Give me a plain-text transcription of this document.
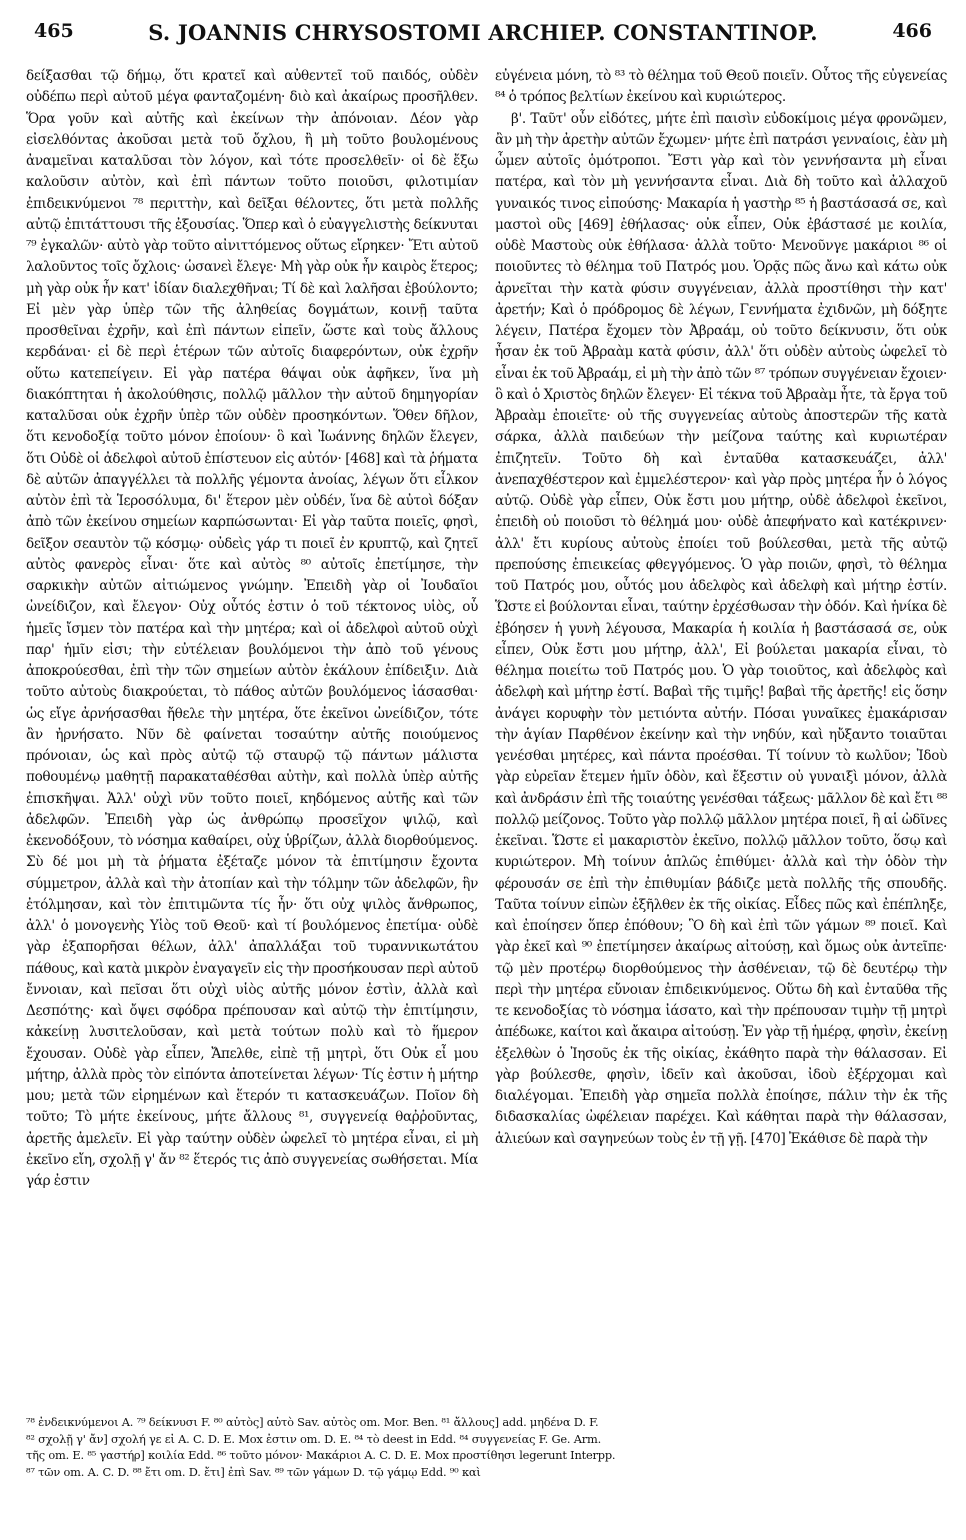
465	S. JOANNIS CHRYSOSTOMI ARCHIEP. CONSTANTINOP.	466

δείξασθαι τῷ δήμῳ, ὅτι κρατεῖ καὶ αὐθεντεῖ τοῦ παιδός, οὐδὲν οὐδέπω περὶ αὐτοῦ μέγα φανταζομένη· διὸ καὶ ἀκαίρως προσῆλθεν. Ὅρα γοῦν καὶ αὐτῆς καὶ ἐκείνων τὴν ἀπόνοιαν. Δέον γὰρ εἰσελθόντας ἀκοῦσαι μετὰ τοῦ ὄχλου, ἢ μὴ τοῦτο βουλομένους ἀναμεῖναι καταλῦσαι τὸν λόγον, καὶ τότε προσελθεῖν· οἱ δὲ ἔξω καλοῦσιν αὐτὸν, καὶ ἐπὶ πάντων τοῦτο ποιοῦσι, φιλοτιμίαν ἐπιδεικνύμενοι ⁷⁸ περιττὴν, καὶ δεῖξαι θέλοντες, ὅτι μετὰ πολλῆς αὐτῷ ἐπιτάττουσι τῆς ἐξουσίας. Ὅπερ καὶ ὁ εὐαγγελιστὴς δείκνυται ⁷⁹ ἐγκαλῶν· αὐτὸ γὰρ τοῦτο αἰνιττόμενος οὕτως εἴρηκεν· Ἔτι αὐτοῦ λαλοῦντος τοῖς ὄχλοις· ὡσανεὶ ἔλεγε· Μὴ γὰρ οὐκ ἦν καιρὸς ἕτερος; μὴ γὰρ οὐκ ἦν κατ' ἰδίαν διαλεχθῆναι; Τί δὲ καὶ λαλῆσαι ἐβούλοντο; Εἰ μὲν γὰρ ὑπὲρ τῶν τῆς ἀληθείας δογμάτων, κοινῇ ταῦτα προσθεῖναι ἐχρῆν, καὶ ἐπὶ πάντων εἰπεῖν, ὥστε καὶ τοὺς ἄλλους κερδάναι· εἰ δὲ περὶ ἑτέρων τῶν αὐτοῖς διαφερόντων, οὐκ ἐχρῆν οὕτω κατεπείγειν. Εἰ γὰρ πατέρα θάψαι οὐκ ἀφῆκεν, ἵνα μὴ διακόπτηται ἡ ἀκολούθησις, πολλῷ μᾶλλον τὴν αὐτοῦ δημηγορίαν καταλῦσαι οὐκ ἐχρῆν ὑπὲρ τῶν οὐδὲν προσηκόντων. Ὅθεν δῆλον, ὅτι κενοδοξίᾳ τοῦτο μόνον ἐποίουν· ὃ καὶ Ἰωάννης δηλῶν ἔλεγεν, ὅτι Οὐδὲ οἱ ἀδελφοὶ αὐτοῦ ἐπίστευον εἰς αὐτόν· [468] καὶ τὰ ῥήματα δὲ αὐτῶν ἀπαγγέλλει τὰ πολλῆς γέμοντα ἀνοίας, λέγων ὅτι εἷλκον αὐτὸν ἐπὶ τὰ Ἱεροσόλυμα, δι' ἕτερον μὲν οὐδέν, ἵνα δὲ αὐτοὶ δόξαν ἀπὸ τῶν ἐκείνου σημείων καρπώσωνται· Εἰ γὰρ ταῦτα ποιεῖς, φησὶ, δεῖξον σεαυτὸν τῷ κόσμῳ· οὐδεὶς γάρ τι ποιεῖ ἐν κρυπτῷ, καὶ ζητεῖ αὐτὸς φανερὸς εἶναι· ὅτε καὶ αὐτὸς ⁸⁰ αὐτοῖς ἐπετίμησε, τὴν σαρκικὴν αὐτῶν αἰτιώμενος γνώμην. Ἐπειδὴ γὰρ οἱ Ἰουδαῖοι ὠνείδιζον, καὶ ἔλεγον· Οὐχ οὗτός ἐστιν ὁ τοῦ τέκτονος υἱὸς, οὗ ἡμεῖς ἴσμεν τὸν πατέρα καὶ τὴν μητέρα; καὶ οἱ ἀδελφοὶ αὐτοῦ οὐχὶ παρ' ἡμῖν εἰσι; τὴν εὐτέλειαν βουλόμενοι τὴν ἀπὸ τοῦ γένους ἀποκρούεσθαι, ἐπὶ τὴν τῶν σημείων αὐτὸν ἐκάλουν ἐπίδειξιν. Διὰ τοῦτο αὐτοὺς διακρούεται, τὸ πάθος αὐτῶν βουλόμενος ἰάσασθαι· ὡς εἴγε ἀρνήσασθαι ἤθελε τὴν μητέρα, ὅτε ἐκεῖνοι ὠνείδιζον, τότε ἂν ἠρνήσατο. Νῦν δὲ φαίνεται τοσαύτην αὐτῆς ποιούμενος πρόνοιαν, ὡς καὶ πρὸς αὐτῷ τῷ σταυρῷ τῷ πάντων μάλιστα ποθουμένῳ μαθητῇ παρακαταθέσθαι αὐτὴν, καὶ πολλὰ ὑπὲρ αὐτῆς ἐπισκῆψαι. Ἀλλ' οὐχὶ νῦν τοῦτο ποιεῖ, κηδόμενος αὐτῆς καὶ τῶν ἀδελφῶν. Ἐπειδὴ γὰρ ὡς ἀνθρώπῳ προσεῖχον ψιλῷ, καὶ ἐκενοδόξουν, τὸ νόσημα καθαίρει, οὐχ ὑβρίζων, ἀλλὰ διορθούμενος. Σὺ δέ μοι μὴ τὰ ῥήματα ἐξέταζε μόνον τὰ ἐπιτίμησιν ἔχοντα σύμμετρον, ἀλλὰ καὶ τὴν ἀτοπίαν καὶ τὴν τόλμην τῶν ἀδελφῶν, ἣν ἐτόλμησαν, καὶ τὸν ἐπιτιμῶντα τίς ἦν· ὅτι οὐχ ψιλὸς ἄνθρωπος, ἀλλ' ὁ μονογενὴς Υἱὸς τοῦ Θεοῦ· καὶ τί βουλόμενος ἐπετίμα· οὐδὲ γὰρ ἐξαπορῆσαι θέλων, ἀλλ' ἀπαλλάξαι τοῦ τυραννικωτάτου πάθους, καὶ κατὰ μικρὸν ἐναγαγεῖν εἰς τὴν προσήκουσαν περὶ αὐτοῦ ἔννοιαν, καὶ πεῖσαι ὅτι οὐχὶ υἱὸς αὐτῆς μόνον ἐστὶν, ἀλλὰ καὶ Δεσπότης· καὶ ὄψει σφόδρα πρέπουσαν καὶ αὐτῷ τὴν ἐπιτίμησιν, κἀκείνῃ λυσιτελοῦσαν, καὶ μετὰ τούτων πολὺ καὶ τὸ ἥμερον ἔχουσαν. Οὐδὲ γὰρ εἶπεν, Ἄπελθε, εἰπὲ τῇ μητρὶ, ὅτι Οὐκ εἶ μου μήτηρ, ἀλλὰ πρὸς τὸν εἰπόντα ἀποτείνεται λέγων· Τίς ἐστιν ἡ μήτηρ μου; μετὰ τῶν εἰρημένων καὶ ἕτερόν τι κατασκευάζων. Ποῖον δὴ τοῦτο; Τὸ μήτε ἐκείνους, μήτε ἄλλους ⁸¹, συγγενείᾳ θαῤῥοῦντας, ἀρετῆς ἀμελεῖν. Εἰ γὰρ ταύτην οὐδὲν ὠφελεῖ τὸ μητέρα εἶναι, εἰ μὴ ἐκεῖνο εἴη, σχολῇ γ' ἄν ⁸² ἕτερός τις ἀπὸ συγγενείας σωθήσεται. Μία γάρ ἐστιν

εὐγένεια μόνη, τὸ ⁸³ τὸ θέλημα τοῦ Θεοῦ ποιεῖν. Οὗτος τῆς εὐγενείας ⁸⁴ ὁ τρόπος βελτίων ἐκείνου καὶ κυριώτερος.

β'. Ταῦτ' οὖν εἰδότες, μήτε ἐπὶ παισὶν εὐδοκίμοις μέγα φρονῶμεν, ἂν μὴ τὴν ἀρετὴν αὐτῶν ἔχωμεν· μήτε ἐπὶ πατράσι γενναίοις, ἐὰν μὴ ὦμεν αὐτοῖς ὁμότροποι. Ἔστι γὰρ καὶ τὸν γεννήσαντα μὴ εἶναι πατέρα, καὶ τὸν μὴ γεννήσαντα εἶναι. Διὰ δὴ τοῦτο καὶ ἀλλαχοῦ γυναικός τινος εἰπούσης· Μακαρία ἡ γαστὴρ ⁸⁵ ἡ βαστάσασά σε, καὶ μαστοὶ οὓς [469] ἐθήλασας· οὐκ εἶπεν, Οὐκ ἐβάστασέ με κοιλία, οὐδὲ Μαστοὺς οὐκ ἐθήλασα· ἀλλὰ τοῦτο· Μενοῦνγε μακάριοι ⁸⁶ οἱ ποιοῦντες τὸ θέλημα τοῦ Πατρός μου. Ὁρᾷς πῶς ἄνω καὶ κάτω οὐκ ἀρνεῖται τὴν κατὰ φύσιν συγγένειαν, ἀλλὰ προστίθησι τὴν κατ' ἀρετήν; Καὶ ὁ πρόδρομος δὲ λέγων, Γεννήματα ἐχιδνῶν, μὴ δόξητε λέγειν, Πατέρα ἔχομεν τὸν Ἀβραάμ, οὐ τοῦτο δείκνυσιν, ὅτι οὐκ ἦσαν ἐκ τοῦ Ἀβραὰμ κατὰ φύσιν, ἀλλ' ὅτι οὐδὲν αὐτοὺς ὠφελεῖ τὸ εἶναι ἐκ τοῦ Ἀβραάμ, εἰ μὴ τὴν ἀπὸ τῶν ⁸⁷ τρόπων συγγένειαν ἔχοιεν· ὃ καὶ ὁ Χριστὸς δηλῶν ἔλεγεν· Εἰ τέκνα τοῦ Ἀβραὰμ ἦτε, τὰ ἔργα τοῦ Ἀβραὰμ ἐποιεῖτε· οὐ τῆς συγγενείας αὐτοὺς ἀποστερῶν τῆς κατὰ σάρκα, ἀλλὰ παιδεύων τὴν μείζονα ταύτης καὶ κυριωτέραν ἐπιζητεῖν. Τοῦτο δὴ καὶ ἐνταῦθα κατασκευάζει, ἀλλ' ἀνεπαχθέστερον καὶ ἐμμελέστερον· καὶ γὰρ πρὸς μητέρα ἦν ὁ λόγος αὐτῷ. Οὐδὲ γὰρ εἶπεν, Οὐκ ἔστι μου μήτηρ, οὐδὲ ἀδελφοὶ ἐκεῖνοι, ἐπειδὴ οὐ ποιοῦσι τὸ θέλημά μου· οὐδὲ ἀπεφήνατο καὶ κατέκρινεν· ἀλλ' ἔτι κυρίους αὐτοὺς ἐποίει τοῦ βούλεσθαι, μετὰ τῆς αὐτῷ πρεπούσης ἐπιεικείας φθεγγόμενος. Ὁ γὰρ ποιῶν, φησὶ, τὸ θέλημα τοῦ Πατρός μου, οὗτός μου ἀδελφὸς καὶ ἀδελφὴ καὶ μήτηρ ἐστίν. Ὥστε εἰ βούλονται εἶναι, ταύτην ἐρχέσθωσαν τὴν ὁδόν. Καὶ ἡνίκα δὲ ἐβόησεν ἡ γυνὴ λέγουσα, Μακαρία ἡ κοιλία ἡ βαστάσασά σε, οὐκ εἶπεν, Οὐκ ἔστι μου μήτηρ, ἀλλ', Εἰ βούλεται μακαρία εἶναι, τὸ θέλημα ποιείτω τοῦ Πατρός μου. Ὁ γὰρ τοιοῦτος, καὶ ἀδελφὸς καὶ ἀδελφὴ καὶ μήτηρ ἐστί. Βαβαὶ τῆς τιμῆς! βαβαὶ τῆς ἀρετῆς! εἰς ὅσην ἀνάγει κορυφὴν τὸν μετιόντα αὐτήν. Πόσαι γυναῖκες ἐμακάρισαν τὴν ἁγίαν Παρθένον ἐκείνην καὶ τὴν νηδύν, καὶ ηὔξαντο τοιαῦται γενέσθαι μητέρες, καὶ πάντα προέσθαι. Τί τοίνυν τὸ κωλῦον; Ἰδοὺ γὰρ εὐρεῖαν ἔτεμεν ἡμῖν ὁδὸν, καὶ ἔξεστιν οὐ γυναιξὶ μόνον, ἀλλὰ καὶ ἀνδράσιν ἐπὶ τῆς τοιαύτης γενέσθαι τάξεως· μᾶλλον δὲ καὶ ἔτι ⁸⁸ πολλῷ μείζονος. Τοῦτο γὰρ πολλῷ μᾶλλον μητέρα ποιεῖ, ἢ αἱ ὠδῖνες ἐκεῖναι. Ὥστε εἰ μακαριστὸν ἐκεῖνο, πολλῷ μᾶλλον τοῦτο, ὅσῳ καὶ κυριώτερον. Μὴ τοίνυν ἁπλῶς ἐπιθύμει· ἀλλὰ καὶ τὴν ὁδὸν τὴν φέρουσάν σε ἐπὶ τὴν ἐπιθυμίαν βάδιζε μετὰ πολλῆς τῆς σπουδῆς. Ταῦτα τοίνυν εἰπὼν ἐξῆλθεν ἐκ τῆς οἰκίας. Εἶδες πῶς καὶ ἐπέπληξε, καὶ ἐποίησεν ὅπερ ἐπόθουν; Ὃ δὴ καὶ ἐπὶ τῶν γάμων ⁸⁹ ποιεῖ. Καὶ γὰρ ἐκεῖ καὶ ⁹⁰ ἐπετίμησεν ἀκαίρως αἰτούσῃ, καὶ ὅμως οὐκ ἀντεῖπε· τῷ μὲν προτέρῳ διορθούμενος τὴν ἀσθένειαν, τῷ δὲ δευτέρῳ τὴν περὶ τὴν μητέρα εὔνοιαν ἐπιδεικνύμενος. Οὕτω δὴ καὶ ἐνταῦθα τῆς τε κενοδοξίας τὸ νόσημα ἰάσατο, καὶ τὴν πρέπουσαν τιμὴν τῇ μητρὶ ἀπέδωκε, καίτοι καὶ ἄκαιρα αἰτούσῃ. Ἐν γὰρ τῇ ἡμέρᾳ, φησὶν, ἐκείνῃ ἐξελθὼν ὁ Ἰησοῦς ἐκ τῆς οἰκίας, ἐκάθητο παρὰ τὴν θάλασσαν. Εἰ γὰρ βούλεσθε, φησὶν, ἰδεῖν καὶ ἀκοῦσαι, ἰδοὺ ἐξέρχομαι καὶ διαλέγομαι. Ἐπειδὴ γὰρ σημεῖα πολλὰ ἐποίησε, πάλιν τὴν ἐκ τῆς διδασκαλίας ὠφέλειαν παρέχει. Καὶ κάθηται παρὰ τὴν θάλασσαν, ἁλιεύων καὶ σαγηνεύων τοὺς ἐν τῇ γῇ. [470] Ἐκάθισε δὲ παρὰ τὴν

⁷⁸ ἐνδεικνύμενοι A. ⁷⁹ δείκνυσι F. ⁸⁰ αὐτὸς] αὐτὸ Sav. αὐτὸς om. Mor. Ben. ⁸¹ ἄλλους] add. μηδένα D. F.
⁸² σχολῇ γ' ἄν] σχολή γε εἰ A. C. D. E. Mox ἐστιν om. D. E. ⁸⁴ τὸ deest in Edd. ⁸⁴ συγγενείας F. Ge. Arm.
τῆς om. E. ⁸⁵ γαστήρ] κοιλία Edd. ⁸⁶ τοῦτο μόνον· Μακάριοι A. C. D. E. Mox προστίθησι legerunt Interpp.
⁸⁷ τῶν om. A. C. D. ⁸⁸ ἔτι om. D. ἔτι] ἐπὶ Sav. ⁸⁹ τῶν γάμων D. τῷ γάμῳ Edd. ⁹⁰ καὶ
